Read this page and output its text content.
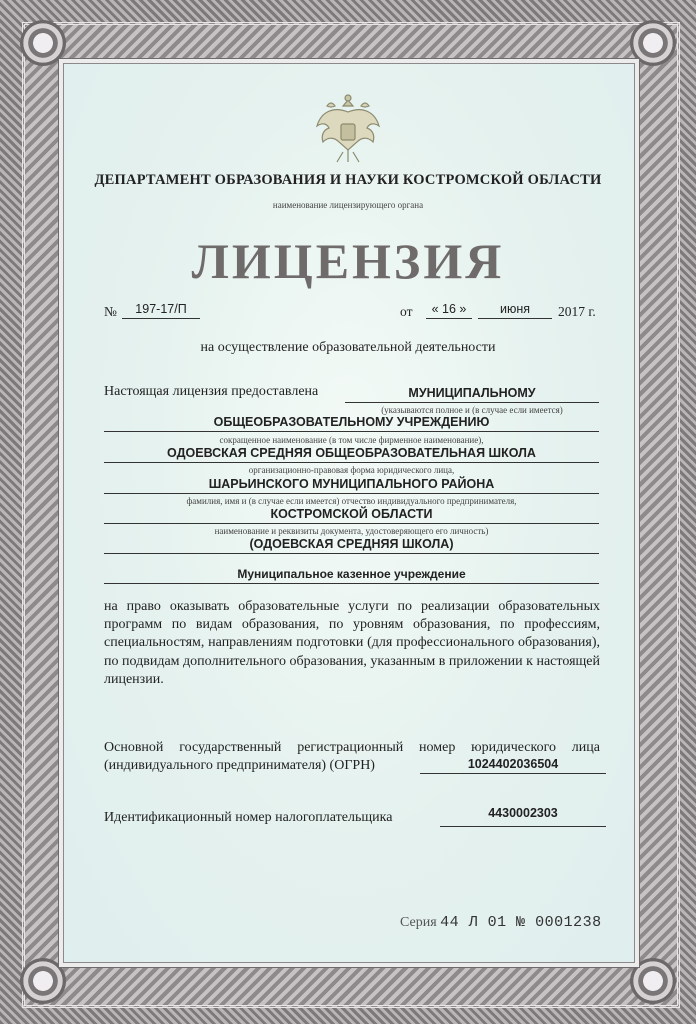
ДЕПАРТАМЕНТ ОБРАЗОВАНИЯ И НАУКИ КОСТРОМСКОЙ ОБЛАСТИ
наименование лицензирующего органа
ЛИЦЕНЗИЯ
№	197-17/П	от	« 16 »	июня	2017 г.
на осуществление образовательной деятельности
Настоящая лицензия предоставлена	МУНИЦИПАЛЬНОМУ
(указываются полное и (в случае если имеется)
ОБЩЕОБРАЗОВАТЕЛЬНОМУ УЧРЕЖДЕНИЮ
сокращенное наименование (в том числе фирменное наименование),
ОДОЕВСКАЯ СРЕДНЯЯ ОБЩЕОБРАЗОВАТЕЛЬНАЯ ШКОЛА
организационно-правовая форма юридического лица,
ШАРЬИНСКОГО МУНИЦИПАЛЬНОГО РАЙОНА
фамилия, имя и (в случае если имеется) отчество индивидуального предпринимателя,
КОСТРОМСКОЙ ОБЛАСТИ
наименование и реквизиты документа, удостоверяющего его личность)
(ОДОЕВСКАЯ СРЕДНЯЯ ШКОЛА)
Муниципальное казенное учреждение
на право оказывать образовательные услуги по реализации образовательных программ по видам образования, по уровням образования, по профессиям, специальностям, направлениям подготовки (для профессионального образования), по подвидам дополнительного образования, указанным в приложении к настоящей лицензии.
Основной государственный регистрационный номер юридического лица
(индивидуального предпринимателя) (ОГРН)	1024402036504
Идентификационный номер налогоплательщика	4430002303
Серия 44 Л 01 № 0001238
